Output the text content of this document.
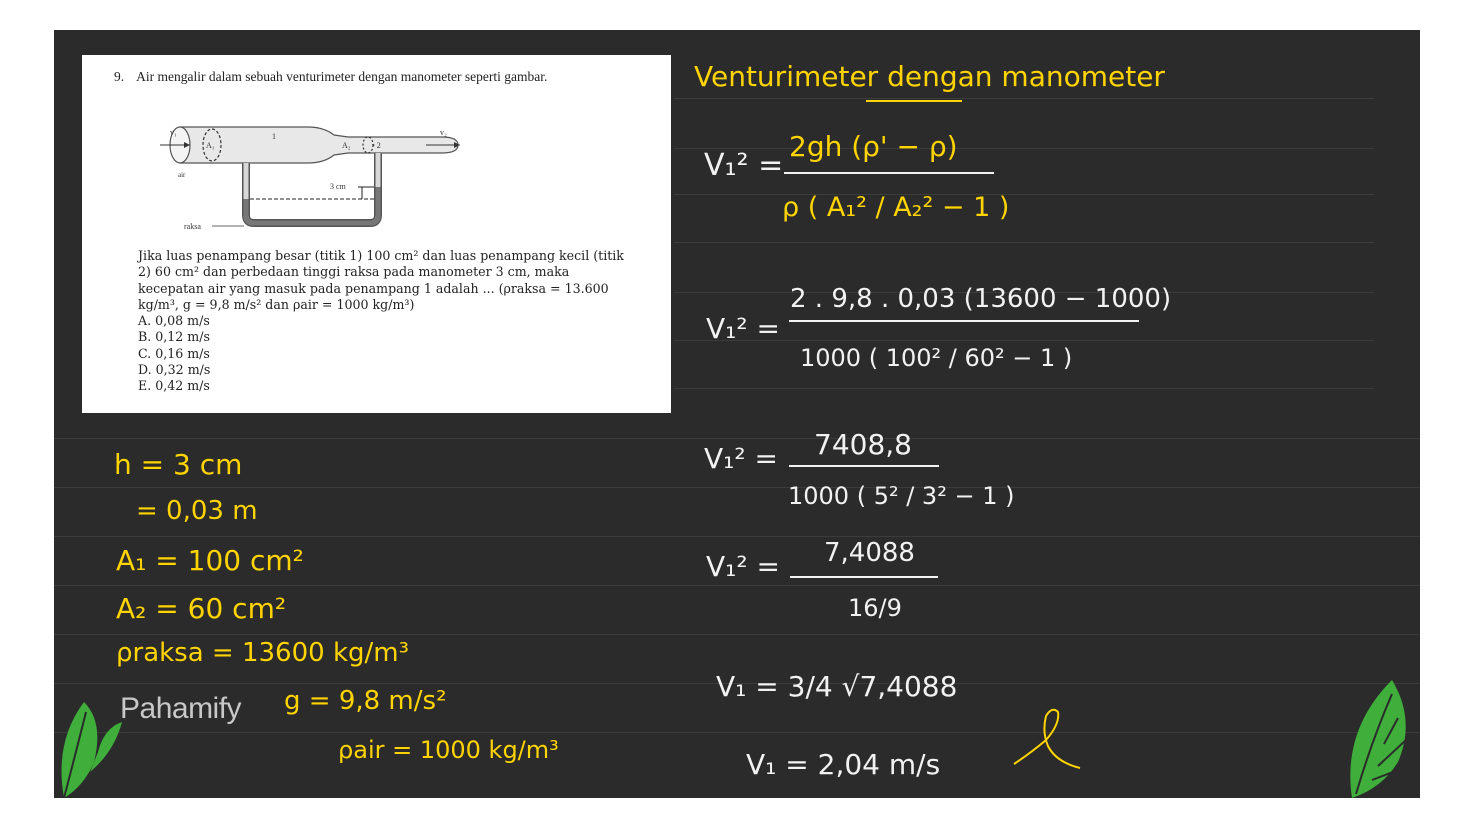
9. Air mengalir dalam sebuah venturimeter dengan manometer seperti gambar.
v₁
A₁
1
A₂	• 2
v₂
air
3 cm
raksa

Jika luas penampang besar (titik 1) 100 cm² dan luas penampang kecil (titik 2) 60 cm² dan perbedaan tinggi raksa pada manometer 3 cm, maka kecepatan air yang masuk pada penampang 1 adalah ... (ρraksa = 13.600 kg/m³, g = 9,8 m/s² dan ρair = 1000 kg/m³)

A. 0,08 m/s

B. 0,12 m/s

C. 0,16 m/s

D. 0,32 m/s

E. 0,42 m/s

Venturimeter dengan manometer
V₁² =
2gh (ρ' − ρ)
ρ ( A₁² / A₂² − 1 )
V₁² =
2 . 9,8 . 0,03 (13600 − 1000)
1000 ( 100² / 60² − 1 )
V₁² = 7408,8
1000 ( 5² / 3² − 1 )
V₁² = 7,4088
16/9
V₁ = 3/4 √7,4088
V₁ = 2,04 m/s
h = 3 cm
= 0,03 m
A₁ = 100 cm²
A₂ = 60 cm²
ρraksa = 13600 kg/m³
g = 9,8 m/s²
ρair = 1000 kg/m³
Pahamify
